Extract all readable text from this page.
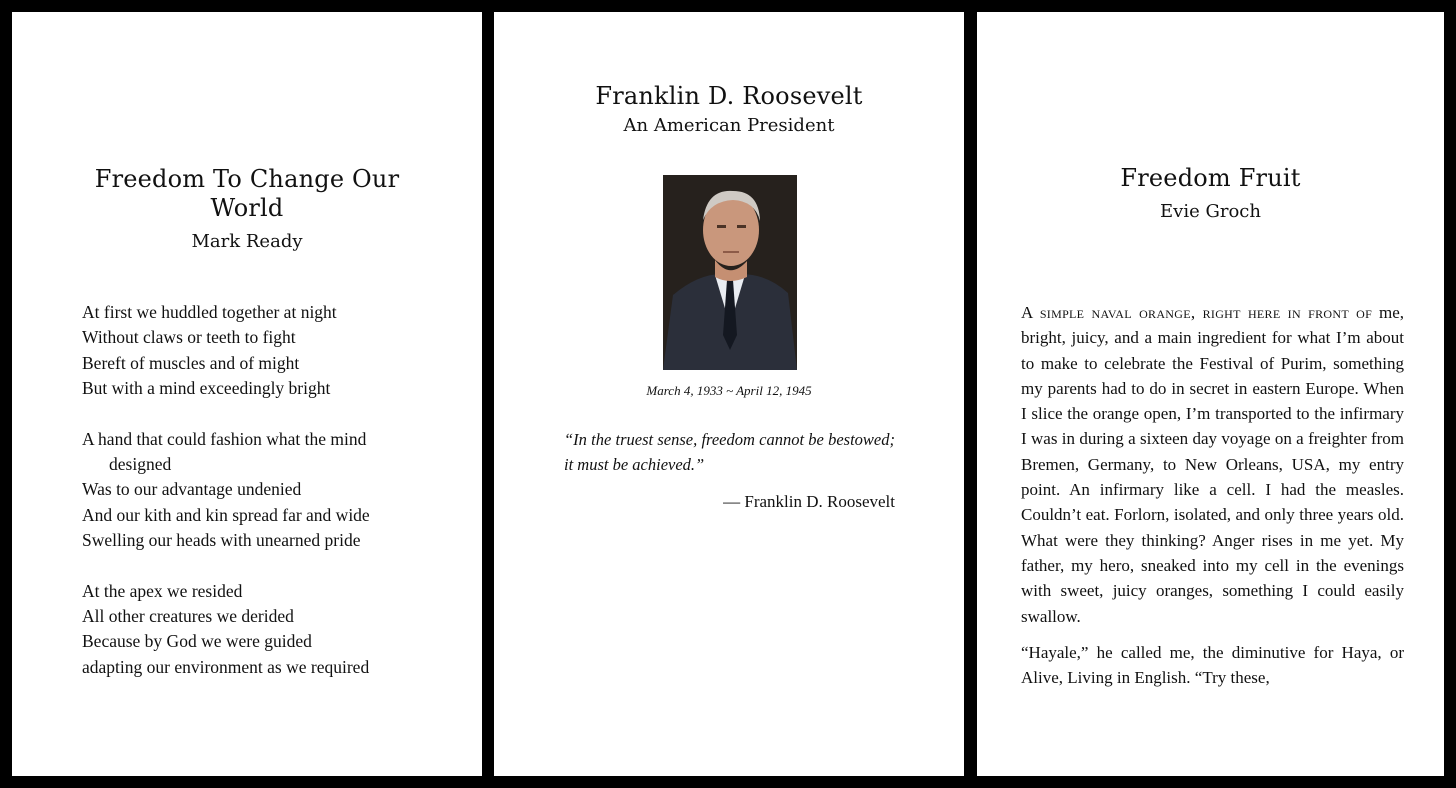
Freedom To Change Our World
Mark Ready
At first we huddled together at night
Without claws or teeth to fight
Bereft of muscles and of might
But with a mind exceedingly bright
A hand that could fashion what the mind
designed
Was to our advantage undenied
And our kith and kin spread far and wide
Swelling our heads with unearned pride
At the apex we resided
All other creatures we derided
Because by God we were guided
adapting our environment as we required
Franklin D. Roosevelt
An American President
March 4, 1933 ~ April 12, 1945
“In the truest sense, freedom cannot be bestowed; it must be achieved.”
— Franklin D. Roosevelt
Freedom Fruit
Evie Groch

A simple naval orange, right here in front of me, bright, juicy, and a main ingredient for what I’m about to make to celebrate the Festival of Purim, something my parents had to do in secret in eastern Europe. When I slice the orange open, I’m transported to the infirmary I was in during a sixteen day voyage on a freighter from Bremen, Germany, to New Orleans, USA, my entry point. An infirmary like a cell. I had the measles. Couldn’t eat. Forlorn, isolated, and only three years old. What were they thinking? Anger rises in me yet. My father, my hero, sneaked into my cell in the evenings with sweet, juicy oranges, something I could easily swallow.

“Hayale,” he called me, the diminutive for Haya, or Alive, Living in English. “Try these,
